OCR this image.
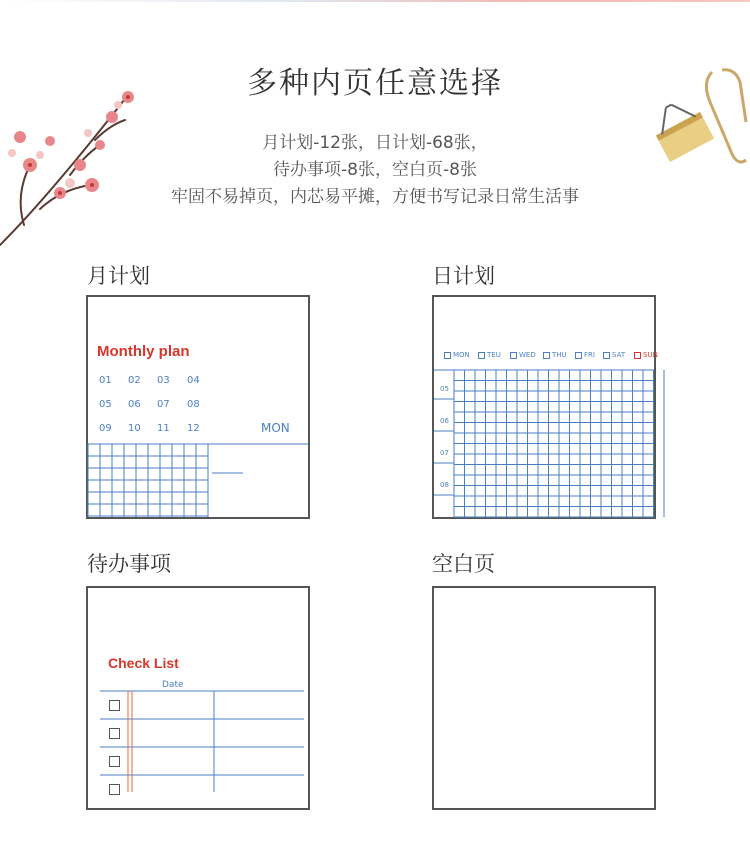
多种内页任意选择
月计划-12张，日计划-68张，
待办事项-8张，空白页-8张
牢固不易掉页，内芯易平摊，方便书写记录日常生活事
月计划
Monthly plan
01 02 03 04
05 06 07 08
09 10 11 12	MON
日计划
MON TEU	WED THU FRI SAT	SUN
05
06
07
08
待办事项
Check List
Date
空白页
